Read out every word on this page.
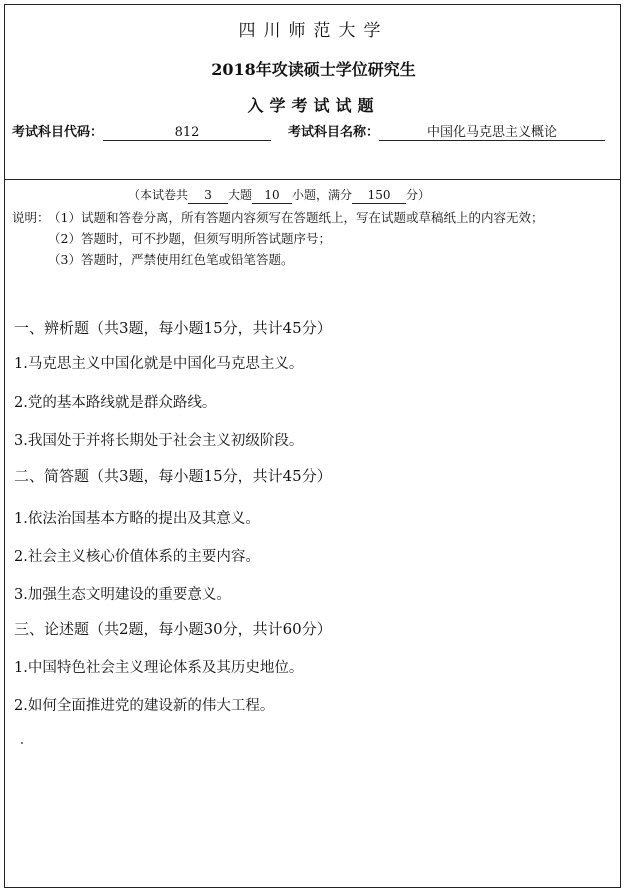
四川师范大学
2018年攻读硕士学位研究生
入学考试试题
考试科目代码：	812	考试科目名称：	中国化马克思主义概论
（本试卷共 3 大题 10 小题，满分 150 分）
说明：
（1）试题和答卷分离，所有答题内容须写在答题纸上，写在试题或草稿纸上的内容无效；
（2）答题时，可不抄题，但须写明所答试题序号；
（3）答题时，严禁使用红色笔或铅笔答题。
一、辨析题（共3题，每小题15分，共计45分）
1.马克思主义中国化就是中国化马克思主义。
2.党的基本路线就是群众路线。
3.我国处于并将长期处于社会主义初级阶段。
二、简答题（共3题，每小题15分，共计45分）
1.依法治国基本方略的提出及其意义。
2.社会主义核心价值体系的主要内容。
3.加强生态文明建设的重要意义。
三、论述题（共2题，每小题30分，共计60分）
1.中国特色社会主义理论体系及其历史地位。
2.如何全面推进党的建设新的伟大工程。
